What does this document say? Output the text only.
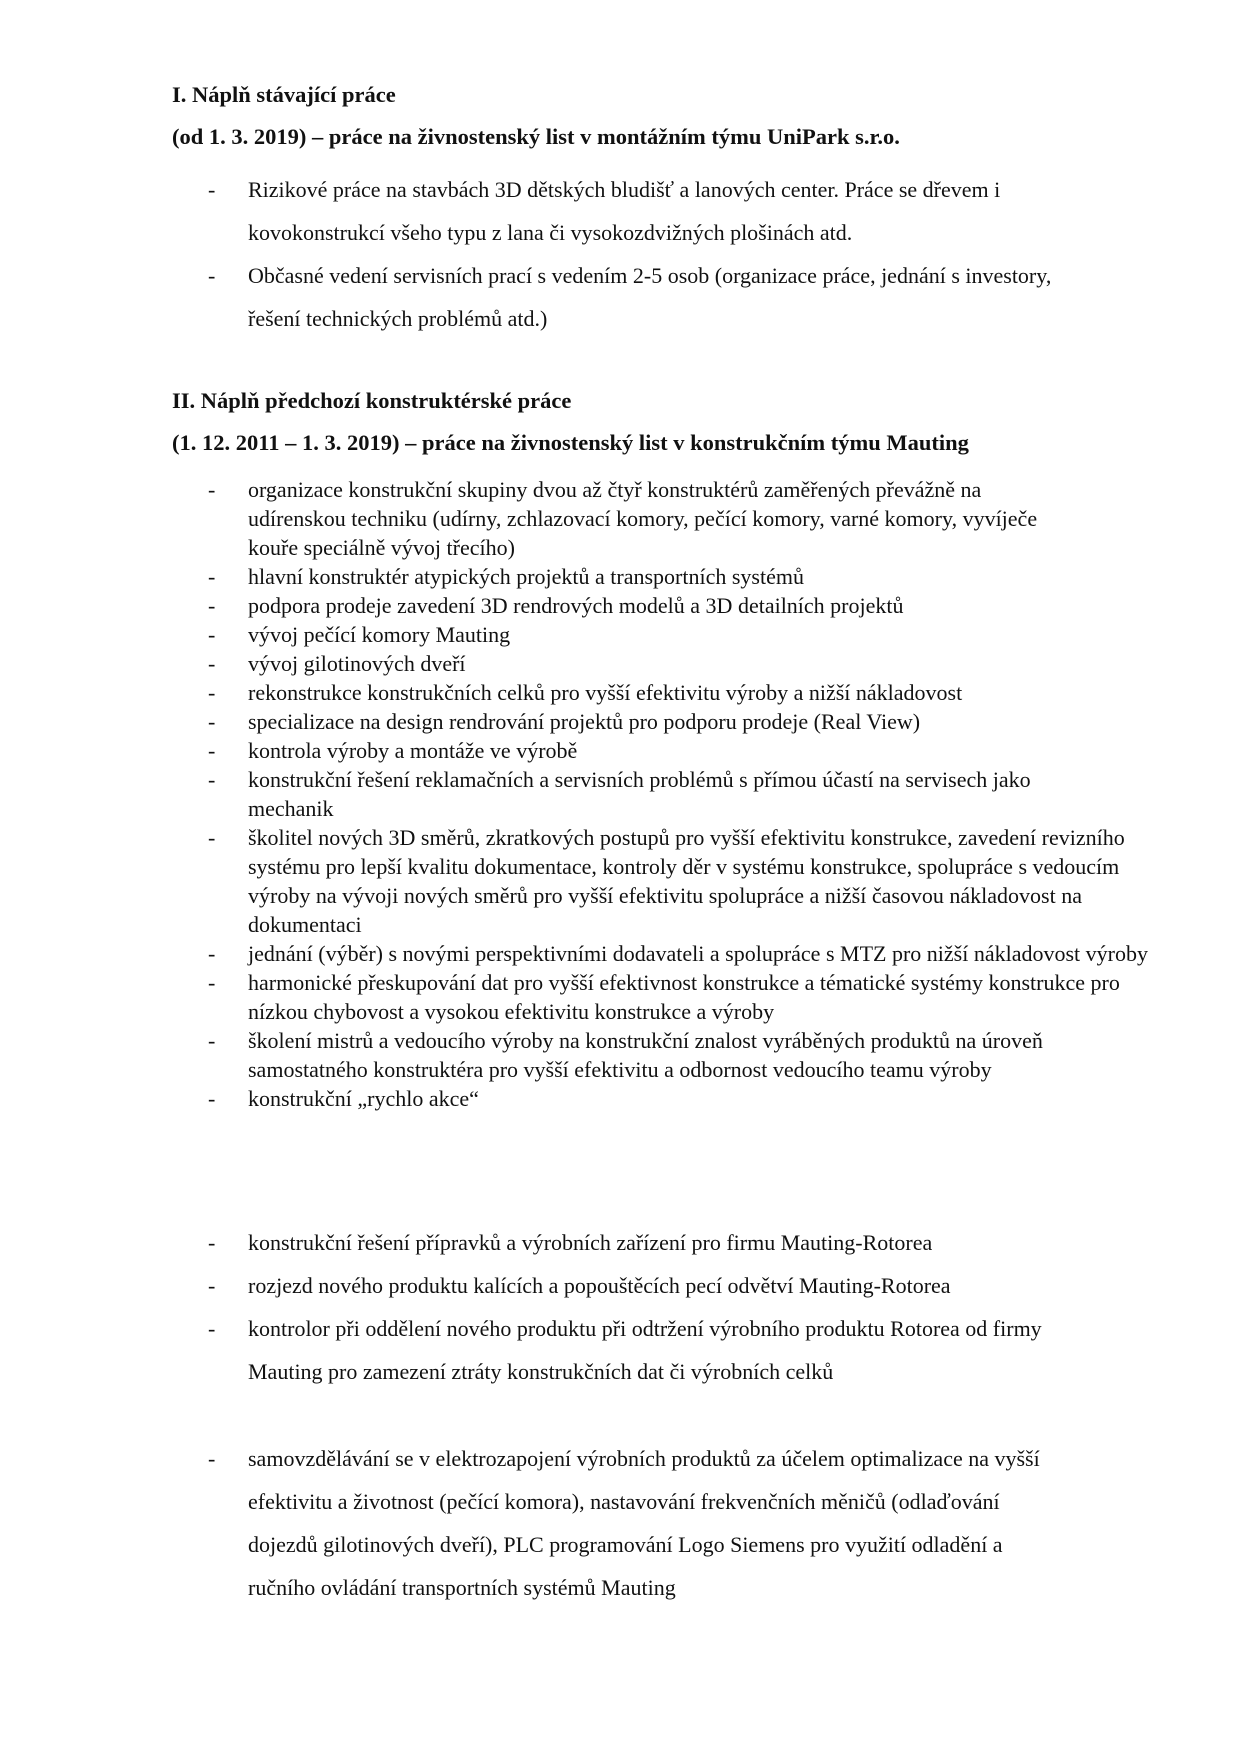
I. Náplň stávající práce

(od 1. 3. 2019) – práce na živnostenský list v montážním týmu UniPark s.r.o.

- Rizikové práce na stavbách 3D dětských bludišť a lanových center. Práce se dřevem i kovokonstrukcí všeho typu z lana či vysokozdvižných plošinách atd.
- Občasné vedení servisních prací s vedením 2-5 osob (organizace práce, jednání s investory, řešení technických problémů atd.)

II. Náplň předchozí konstruktérské práce

(1. 12. 2011 – 1. 3. 2019) – práce na živnostenský list v konstrukčním týmu Mauting

- organizace konstrukční skupiny dvou až čtyř konstruktérů zaměřených převážně na udírenskou techniku (udírny, zchlazovací komory, pečící komory, varné komory, vyvíječe kouře speciálně vývoj třecího)
- hlavní konstruktér atypických projektů a transportních systémů
- podpora prodeje zavedení 3D rendrových modelů a 3D detailních projektů
- vývoj pečící komory Mauting
- vývoj gilotinových dveří
- rekonstrukce konstrukčních celků pro vyšší efektivitu výroby a nižší nákladovost
- specializace na design rendrování projektů pro podporu prodeje (Real View)
- kontrola výroby a montáže ve výrobě
- konstrukční řešení reklamačních a servisních problémů s přímou účastí na servisech jako mechanik
- školitel nových 3D směrů, zkratkových postupů pro vyšší efektivitu konstrukce, zavedení revizního systému pro lepší kvalitu dokumentace, kontroly děr v systému konstrukce, spolupráce s vedoucím výroby na vývoji nových směrů pro vyšší efektivitu spolupráce a nižší časovou nákladovost na dokumentaci
- jednání (výběr) s novými perspektivními dodavateli a spolupráce s MTZ pro nižší nákladovost výroby
- harmonické přeskupování dat pro vyšší efektivnost konstrukce a tématické systémy konstrukce pro nízkou chybovost a vysokou efektivitu konstrukce a výroby
- školení mistrů a vedoucího výroby na konstrukční znalost vyráběných produktů na úroveň samostatného konstruktéra pro vyšší efektivitu a odbornost vedoucího teamu výroby
- konstrukční „rychlo akce“
- konstrukční řešení přípravků a výrobních zařízení pro firmu Mauting-Rotorea
- rozjezd nového produktu kalících a popouštěcích pecí odvětví Mauting-Rotorea
- kontrolor při oddělení nového produktu při odtržení výrobního produktu Rotorea od firmy Mauting pro zamezení ztráty konstrukčních dat či výrobních celků
- samovzdělávání se v elektrozapojení výrobních produktů za účelem optimalizace na vyšší efektivitu a životnost (pečící komora), nastavování frekvenčních měničů (odlaďování dojezdů gilotinových dveří), PLC programování Logo Siemens pro využití odladění a ručního ovládání transportních systémů Mauting
